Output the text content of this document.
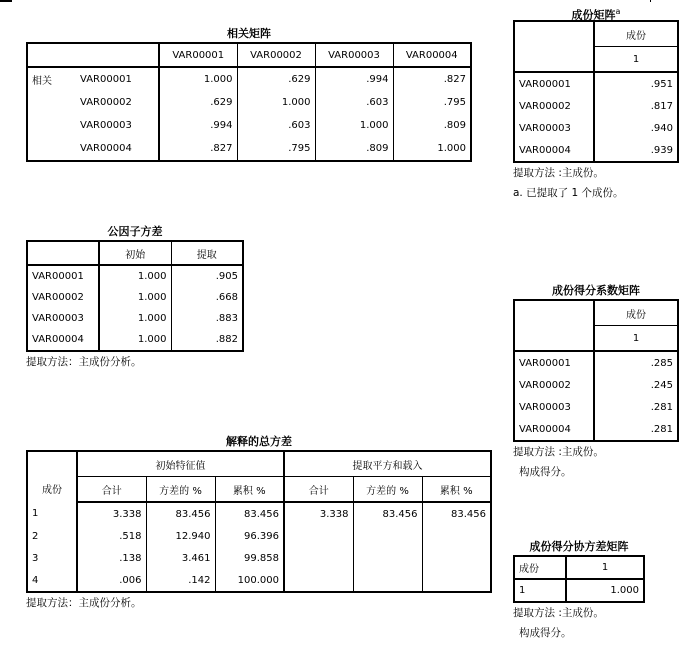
相关矩阵
		VAR00001	VAR00002	VAR00003	VAR00004
相关	VAR00001	1.000	.629	.994	.827
	VAR00002	.629	1.000	.603	.795
	VAR00003	.994	.603	1.000	.809
	VAR00004	.827	.795	.809	1.000
公因子方差
	初始	提取
VAR00001	1.000	.905
VAR00002	1.000	.668
VAR00003	1.000	.883
VAR00004	1.000	.882
提取方法：主成份分析。
解释的总方差
成份	初始特征值			提取平方和载入		
	合计	方差的 %	累积 %	合计	方差的 %	累积 %
1	3.338	83.456	83.456	3.338	83.456	83.456
2	.518	12.940	96.396			
3	.138	3.461	99.858			
4	.006	.142	100.000			
提取方法：主成份分析。
成份矩阵$^a$
	成份
	1
VAR00001	.951
VAR00002	.817
VAR00003	.940
VAR00004	.939
提取方法 :主成份。
a. 已提取了 1 个成份。
成份得分系数矩阵
	成份
	1
VAR00001	.285
VAR00002	.245
VAR00003	.281
VAR00004	.281
提取方法 :主成份。
构成得分。
成份得分协方差矩阵
成份	1
1	1.000
提取方法 :主成份。
构成得分。
